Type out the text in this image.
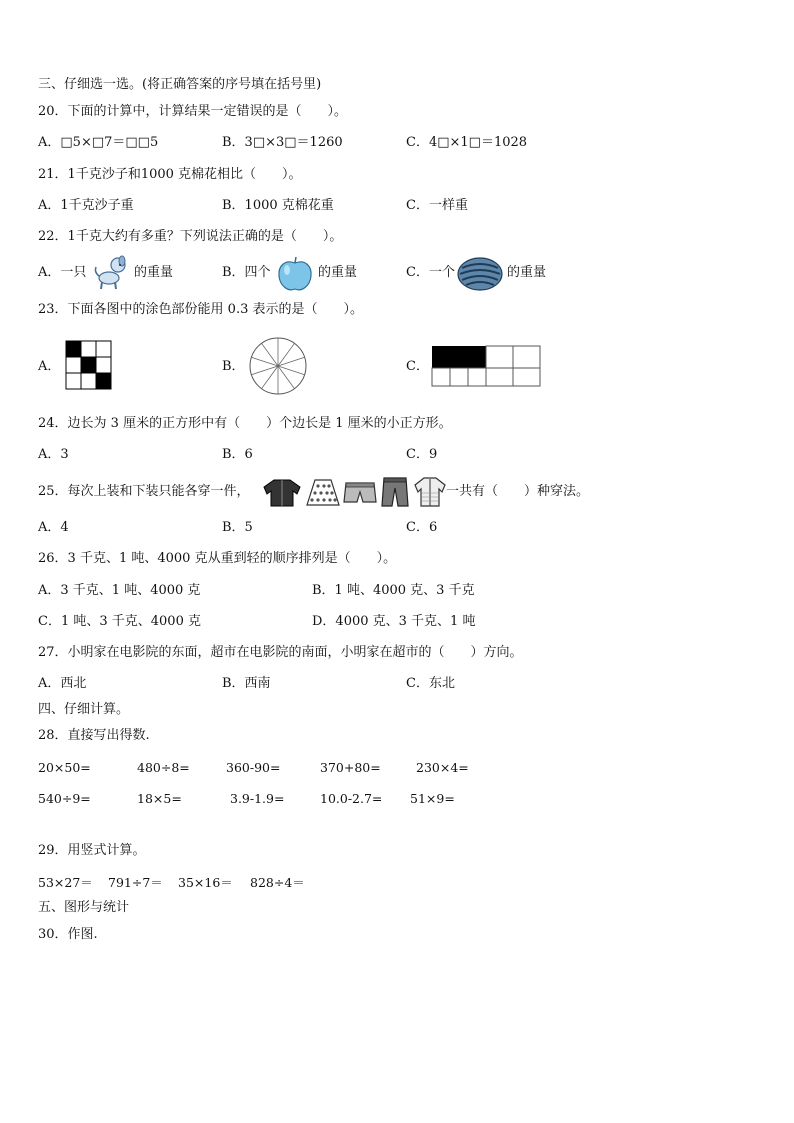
三、仔细选一选。(将正确答案的序号填在括号里)
20．下面的计算中，计算结果一定错误的是（　　）。
A．□5×□7＝□□5	B．3□×3□＝1260	C．4□×1□＝1028
21．1千克沙子和1000 克棉花相比（　　）。
A．1千克沙子重	B．1000 克棉花重	C．一样重
22．1千克大约有多重？下列说法正确的是（　　）。
A．一只	的重量	B．四个	的重量	C．一个	的重量
23．下面各图中的涂色部份能用 0.3 表示的是（　　）。
A．	B．	C．
24．边长为 3 厘米的正方形中有（　　）个边长是 1 厘米的小正方形。
A．3	B．6	C．9
25．每次上装和下装只能各穿一件，	一共有（　　）种穿法。
A．4	B．5	C．6
26．3 千克、1 吨、4000 克从重到轻的顺序排列是（　　）。
A．3 千克、1 吨、4000 克	B．1 吨、4000 克、3 千克
C．1 吨、3 千克、4000 克	D．4000 克、3 千克、1 吨
27．小明家在电影院的东面，超市在电影院的南面，小明家在超市的（　　）方向。
A．西北	B．西南	C．东北
四、仔细计算。
28．直接写出得数.
20×50=	480÷8=	360-90=	370+80=	230×4=
540÷9=	18×5=	3.9-1.9=	10.0-2.7= 51×9=
29．用竖式计算。
53×27＝ 791÷7＝ 35×16＝ 828÷4＝
五、图形与统计
30．作图.
